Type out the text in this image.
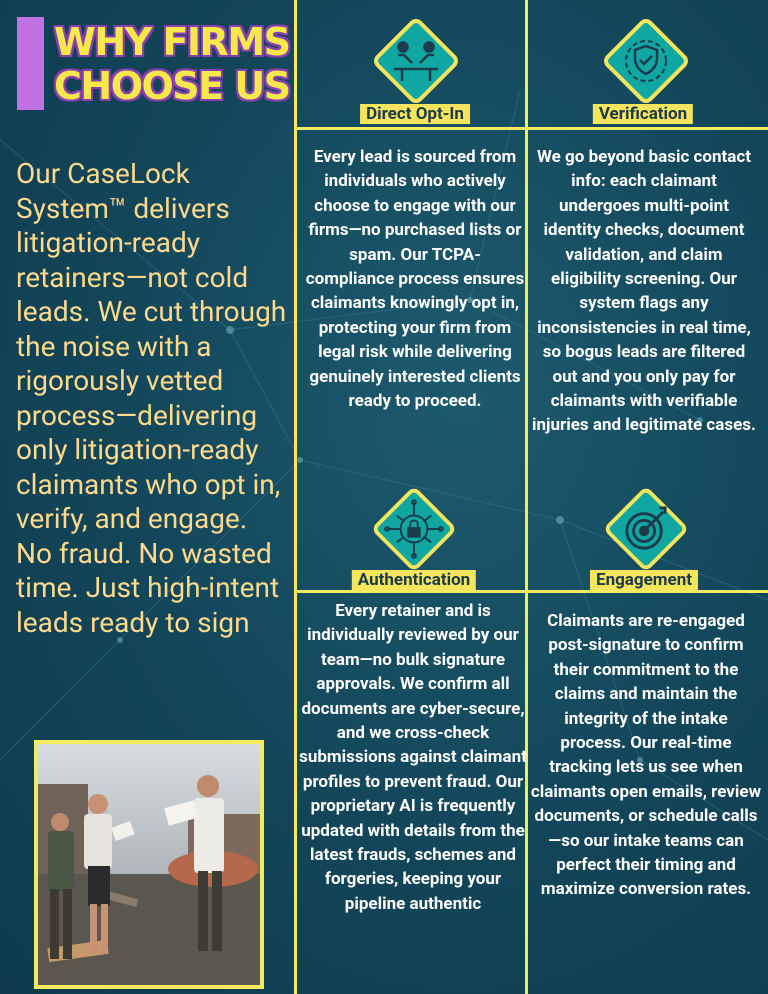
WHY FIRMS
CHOOSE US

Our CaseLock System™ delivers litigation-ready retainers—not cold leads. We cut through the noise with a rigorously vetted process—delivering only litigation-ready claimants who opt in, verify, and engage. No fraud. No wasted time. Just high-intent leads ready to sign

Direct Opt-In	Verification
Authentication	Engagement

Every lead is sourced from individuals who actively choose to engage with our firms—no purchased lists or spam. Our TCPA-compliance process ensures claimants knowingly opt in, protecting your firm from legal risk while delivering genuinely interested clients ready to proceed.

We go beyond basic contact info: each claimant undergoes multi-point identity checks, document validation, and claim eligibility screening. Our system flags any inconsistencies in real time, so bogus leads are filtered out and you only pay for claimants with verifiable injuries and legitimate cases.

Every retainer and is individually reviewed by our team—no bulk signature approvals. We confirm all documents are cyber-secure, and we cross-check submissions against claimant profiles to prevent fraud. Our proprietary AI is frequently updated with details from the latest frauds, schemes and forgeries, keeping your pipeline authentic

Claimants are re-engaged post-signature to confirm their commitment to the claims and maintain the integrity of the intake process. Our real-time tracking lets us see when claimants open emails, review documents, or schedule calls—so our intake teams can perfect their timing and maximize conversion rates.
